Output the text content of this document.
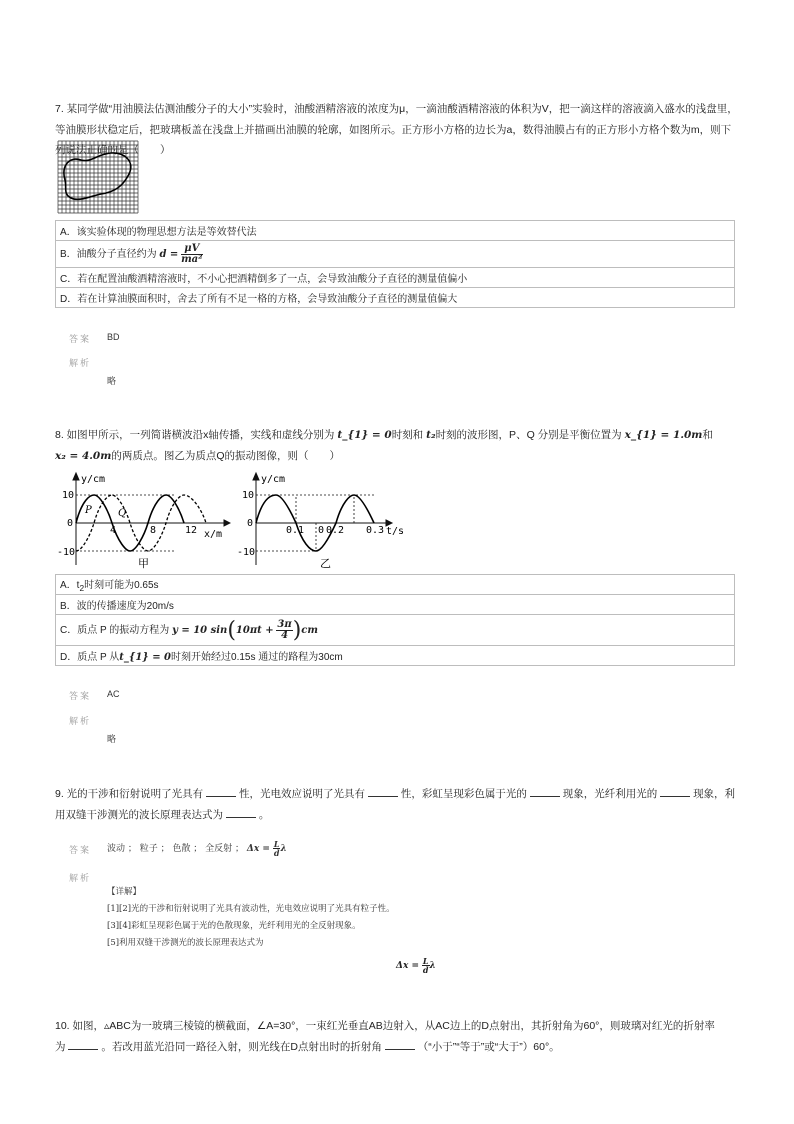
7. 某同学做“用油膜法估测油酸分子的大小”实验时，油酸酒精溶液的浓度为μ，一滴油酸酒精溶液的体积为V，把一滴这样的溶液滴入盛水的浅盘里，等油膜形状稳定后，把玻璃板盖在浅盘上并描画出油膜的轮廓，如图所示。正方形小方格的边长为a，数得油膜占有的正方形小方格个数为m，则下列说法正确的是（　　）
A．该实验体现的物理思想方法是等效替代法
B．油酸分子直径约为 $d = \frac{\mu V}{\text{ma²}}$

C．若在配置油酸酒精溶液时，不小心把酒精倒多了一点，会导致油酸分子直径的测量值偏小
D．若在计算油膜面积时，舍去了所有不足一格的方格，会导致油酸分子直径的测量值偏大
答案 BD
解析
略
8. 如图甲所示，一列简谐横波沿x轴传播，实线和虚线分别为 t_{1} = 0时刻和 t₂时刻的波形图，P、Q 分别是平衡位置为 x_{1} = 1.0m和
x₂ = 4.0m的两质点。图乙为质点Q的振动图像，则（　　）
y/cm
x/m
10
0
-10
4	8	12
P	Q
甲
y/cm
t/s
10
0
-10
0.1 0 0.2 0.3
乙
A．$t_2$时刻可能为0.65s
B．波的传播速度为20m/s
C．质点 P 的振动方程为 y = 10 $\sin(10\pi t + \frac{3\pi}{4} )cm$
D．质点 P 从t_{1} = 0时刻开始经过0.15s 通过的路程为30cm
答案 AC
解析
略
9. 光的干涉和衍射说明了光具有	性，光电效应说明了光具有	性，彩虹呈现彩色属于光的	现象，光纤利用光的	现象，利
用双缝干涉测光的波长原理表达式为	。
答案 波动 ； 粒子 ； 色散 ； 全反射 ； $\Delta x = \frac{L}{d}$ λ
解析
【详解】
[1][2]光的干涉和衍射说明了光具有波动性，光电效应说明了光具有粒子性。
[3][4]彩虹呈现彩色属于光的色散现象，光纤利用光的全反射现象。
[5]利用双缝干涉测光的波长原理表达式为
$\Delta x = \frac{L}{d}$ λ
10. 如图，▵ABC为一玻璃三棱镜的横截面，∠A=30°，一束红光垂直AB边射入，从AC边上的D点射出，其折射角为60°，则玻璃对红光的折射率
为	。若改用蓝光沿同一路径入射，则光线在D点射出时的折射角	（“小于”“等于”或“大于”）60°。
